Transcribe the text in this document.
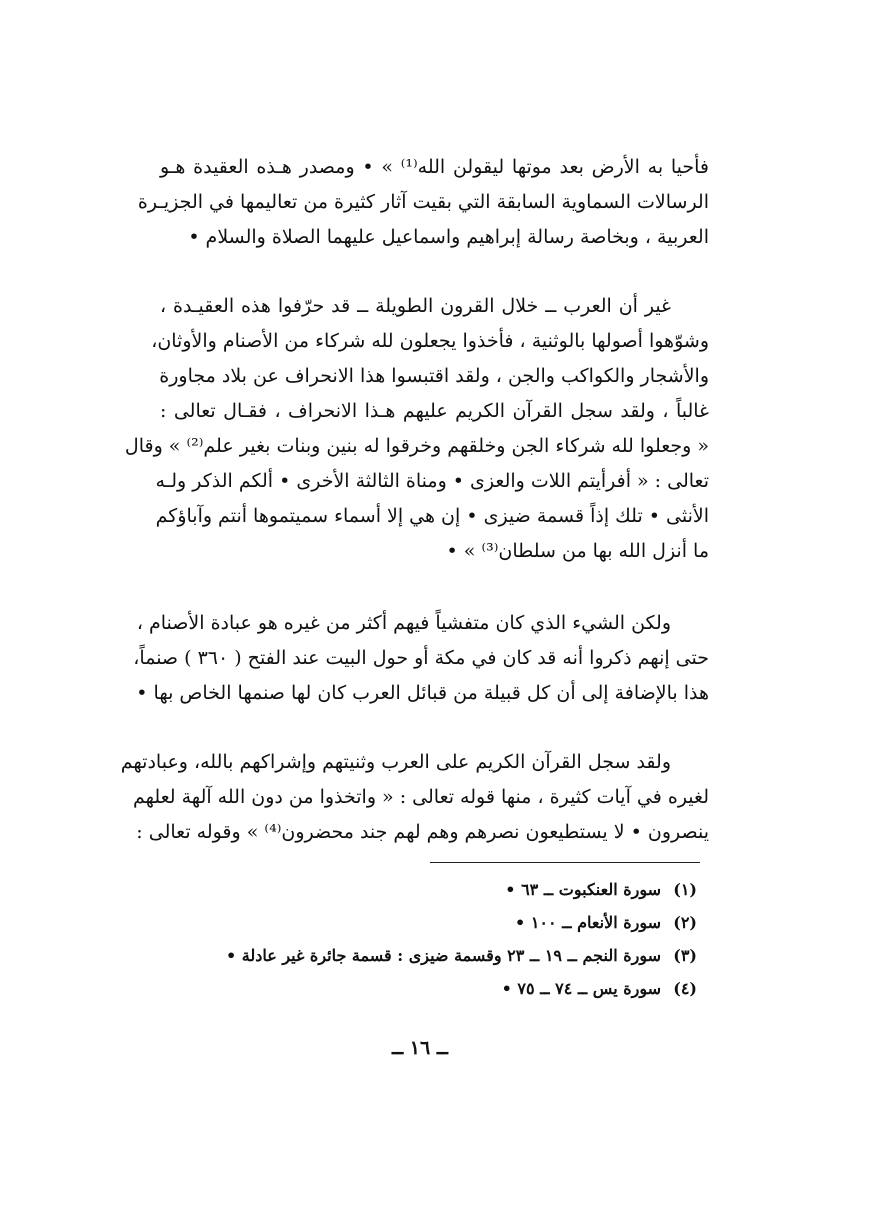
فأحيا به الأرض بعد موتها ليقولن الله⁽¹⁾ » • ومصدر هـذه العقيدة هـو
الرسالات السماوية السابقة التي بقيت آثار كثيرة من تعاليمها في الجزيـرة
العربية ، وبخاصة رسالة إبراهيم واسماعيل عليهما الصلاة والسلام •
غير أن العرب ــ خلال القرون الطويلة ــ قد حرّفوا هذه العقيـدة ،
وشوّهوا أصولها بالوثنية ، فأخذوا يجعلون لله شركاء من الأصنام والأوثان،
والأشجار والكواكب والجن ، ولقد اقتبسوا هذا الانحراف عن بلاد مجاورة
غالباً ، ولقد سجل القرآن الكريم عليهم هـذا الانحراف ، فقـال تعالى :
« وجعلوا لله شركاء الجن وخلقهم وخرقوا له بنين وبنات بغير علم⁽²⁾ » وقال
تعالى : « أفرأيتم اللات والعزى • ومناة الثالثة الأخرى • ألكم الذكر ولـه
الأنثى • تلك إذاً قسمة ضيزى • إن هي إلا أسماء سميتموها أنتم وآباؤكم
ما أنزل الله بها من سلطان⁽³⁾ » •
ولكن الشيء الذي كان متفشياً فيهم أكثر من غيره هو عبادة الأصنام ،
حتى إنهم ذكروا أنه قد كان في مكة أو حول البيت عند الفتح ( ٣٦٠ ) صنماً،
هذا بالإضافة إلى أن كل قبيلة من قبائل العرب كان لها صنمها الخاص بها •
ولقد سجل القرآن الكريم على العرب وثنيتهم وإشراكهم بالله، وعبادتهم
لغيره في آيات كثيرة ، منها قوله تعالى : « واتخذوا من دون الله آلهة لعلهم
ينصرون • لا يستطيعون نصرهم وهم لهم جند محضرون⁽⁴⁾ » وقوله تعالى :
(١)
سورة العنكبوت ــ ٦٣ •
(٢)
سورة الأنعام ــ ١٠٠ •
(٣)
سورة النجم ــ ١٩ ــ ٢٣ وقسمة ضيزى : قسمة جائرة غير عادلة •
(٤)
سورة يس ــ ٧٤ ــ ٧٥ •
ــ ١٦ ــ
